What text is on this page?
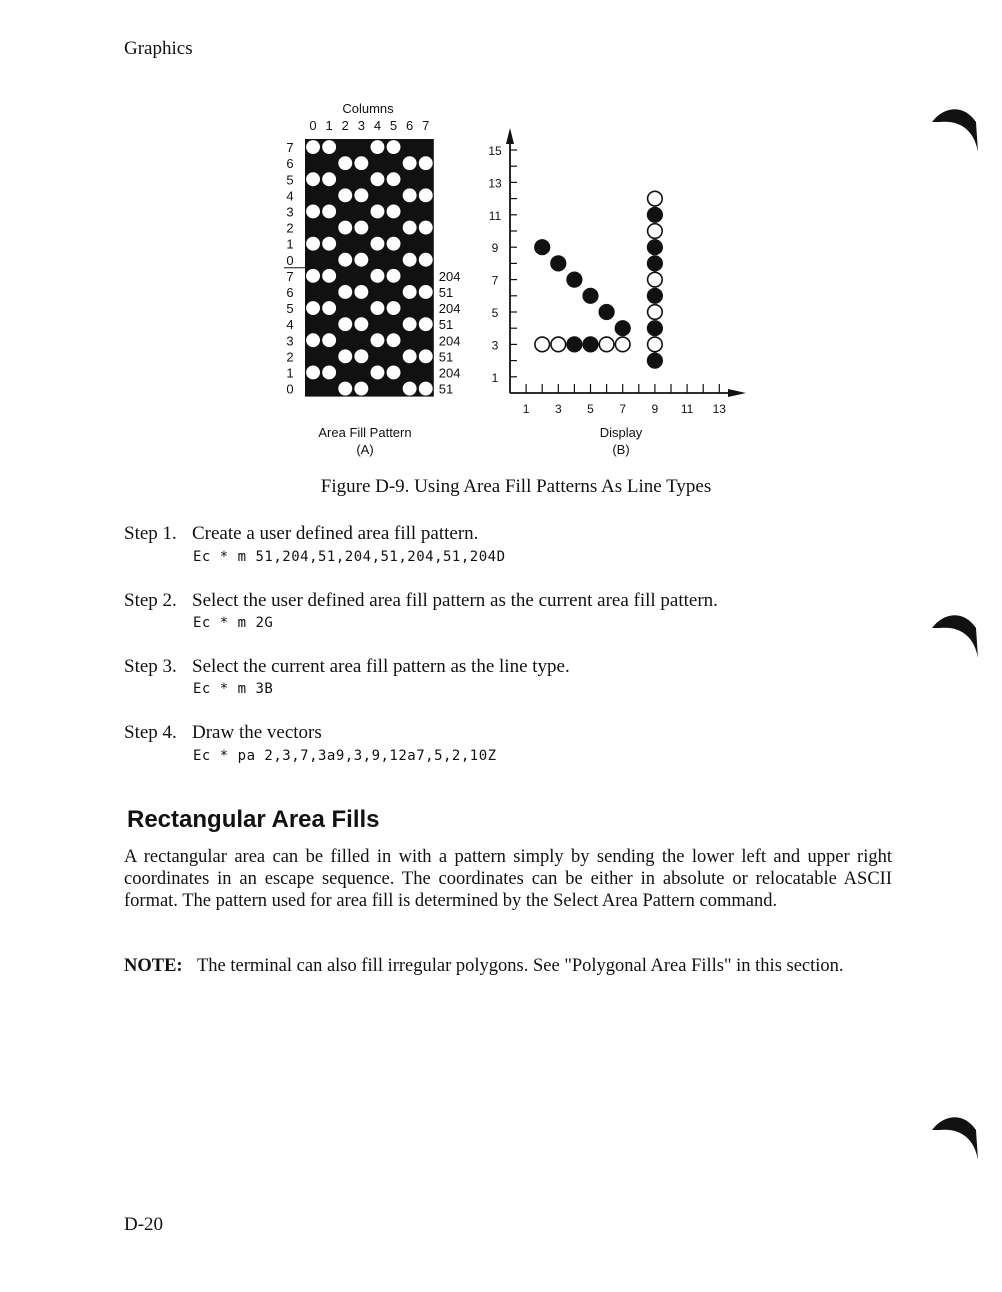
Graphics
Columns
0 1 2 3 4 5 6 7
7
6
5
4
3
2
1
0
7
6
5
4
3
2
1
0
204
51
204
51
204
51
204
51
Area Fill Pattern
(A)
1 3 5 7 9 11 13
1
3
5
7
9
11
13
15
Display
(B)
Figure D-9. Using Area Fill Patterns As Line Types
Step 1. Create a user defined area fill pattern.
Ec * m 51,204,51,204,51,204,51,204D
Step 2. Select the user defined area fill pattern as the current area fill pattern.
Ec * m 2G
Step 3. Select the current area fill pattern as the line type.
Ec * m 3B
Step 4. Draw the vectors
Ec * pa 2,3,7,3a9,3,9,12a7,5,2,10Z
Rectangular Area Fills
A rectangular area can be filled in with a pattern simply by sending the lower left and upper right coordinates in an escape sequence. The coordinates can be either in absolute or relocatable ASCII format. The pattern used for area fill is determined by the Select Area Pattern command.
NOTE: The terminal can also fill irregular polygons. See "Polygonal Area Fills" in this section.
D-20
